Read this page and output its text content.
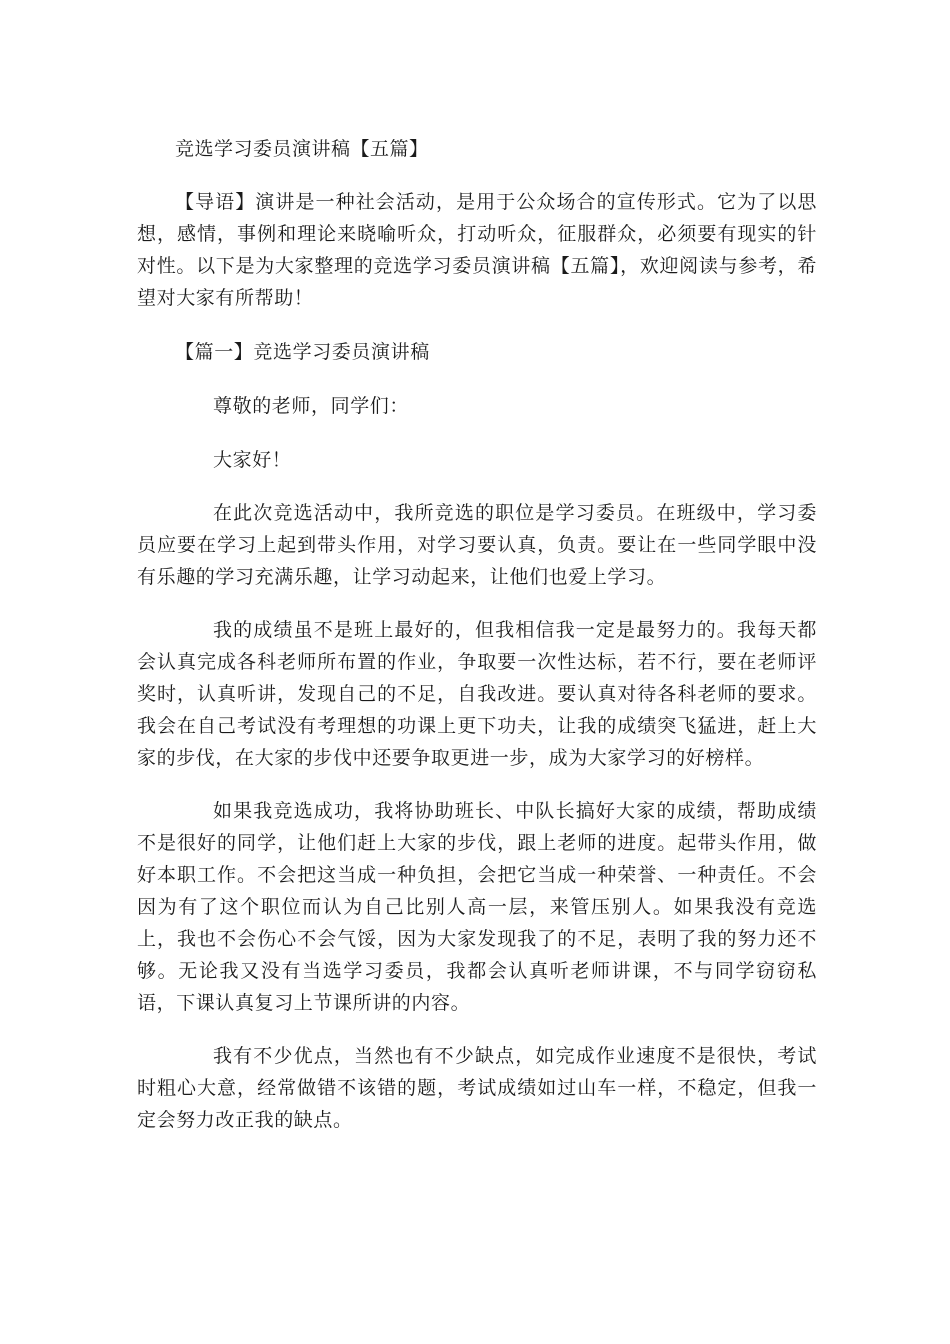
竞选学习委员演讲稿【五篇】

【导语】演讲是一种社会活动，是用于公众场合的宣传形式。它为了以思想，感情，事例和理论来晓喻听众，打动听众，征服群众，必须要有现实的针对性。以下是为大家整理的竞选学习委员演讲稿【五篇】，欢迎阅读与参考，希望对大家有所帮助！

【篇一】竞选学习委员演讲稿

尊敬的老师，同学们：

大家好！

在此次竞选活动中，我所竞选的职位是学习委员。在班级中，学习委员应要在学习上起到带头作用，对学习要认真，负责。要让在一些同学眼中没有乐趣的学习充满乐趣，让学习动起来，让他们也爱上学习。

我的成绩虽不是班上最好的，但我相信我一定是最努力的。我每天都会认真完成各科老师所布置的作业，争取要一次性达标，若不行，要在老师评奖时，认真听讲，发现自己的不足，自我改进。要认真对待各科老师的要求。我会在自己考试没有考理想的功课上更下功夫，让我的成绩突飞猛进，赶上大家的步伐，在大家的步伐中还要争取更进一步，成为大家学习的好榜样。

如果我竞选成功，我将协助班长、中队长搞好大家的成绩，帮助成绩不是很好的同学，让他们赶上大家的步伐，跟上老师的进度。起带头作用，做好本职工作。不会把这当成一种负担，会把它当成一种荣誉、一种责任。不会因为有了这个职位而认为自己比别人高一层，来管压别人。如果我没有竞选上，我也不会伤心不会气馁，因为大家发现我了的不足，表明了我的努力还不够。无论我又没有当选学习委员，我都会认真听老师讲课，不与同学窃窃私语，下课认真复习上节课所讲的内容。

我有不少优点，当然也有不少缺点，如完成作业速度不是很快，考试时粗心大意，经常做错不该错的题，考试成绩如过山车一样，不稳定，但我一定会努力改正我的缺点。
